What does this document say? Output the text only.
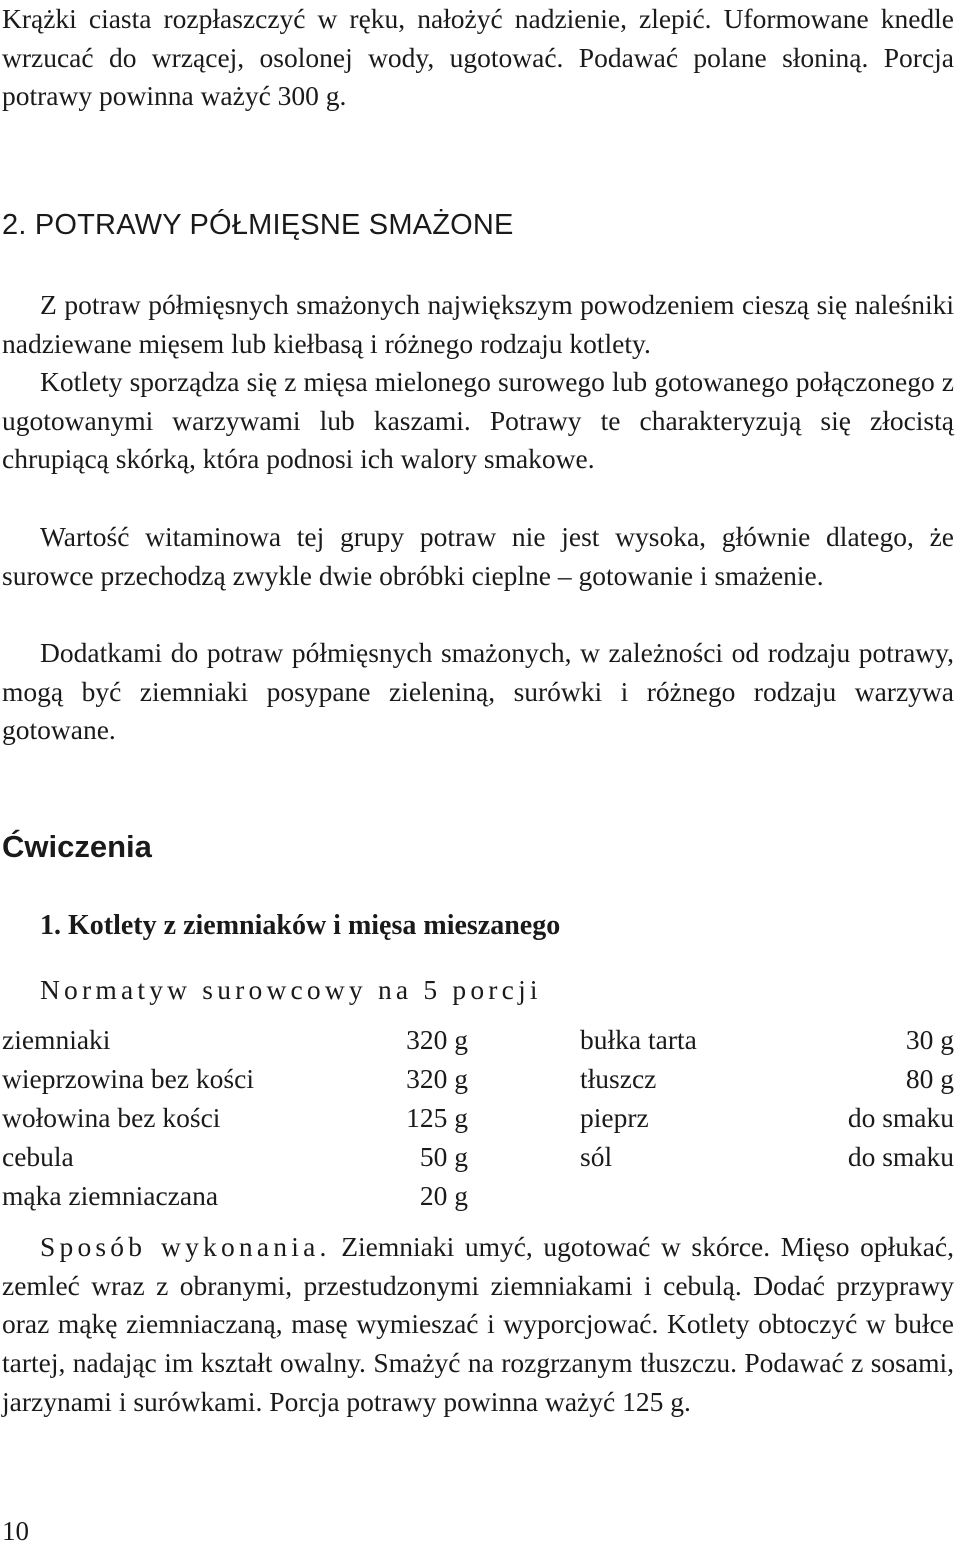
Krążki ciasta rozpłaszczyć w ręku, nałożyć nadzienie, zlepić. Uformowane knedle wrzucać do wrzącej, osolonej wody, ugotować. Podawać polane słoniną. Porcja potrawy powinna ważyć 300 g.

2. POTRAWY PÓŁMIĘSNE SMAŻONE

Z potraw półmięsnych smażonych największym powodzeniem cieszą się naleśniki nadziewane mięsem lub kiełbasą i różnego rodzaju kotlety.

Kotlety sporządza się z mięsa mielonego surowego lub gotowanego połączonego z ugotowanymi warzywami lub kaszami. Potrawy te charakteryzują się złocistą chrupiącą skórką, która podnosi ich walory smakowe.

Wartość witaminowa tej grupy potraw nie jest wysoka, głównie dlatego, że surowce przechodzą zwykle dwie obróbki cieplne – gotowanie i smażenie.

Dodatkami do potraw półmięsnych smażonych, w zależności od rodzaju potrawy, mogą być ziemniaki posypane zieleniną, surówki i różnego rodzaju warzywa gotowane.

Ćwiczenia
1. Kotlety z ziemniaków i mięsa mieszanego

Normatyw surowcowy na 5 porcji

ziemniaki	320 g	bułka tarta	30 g
wieprzowina bez kości	320 g	tłuszcz	80 g
wołowina bez kości	125 g	pieprz	do smaku
cebula	50 g	sól	do smaku
mąka ziemniaczana	20 g

Sposób wykonania. Ziemniaki umyć, ugotować w skórce. Mięso opłukać, zemleć wraz z obranymi, przestudzonymi ziemniakami i cebulą. Dodać przyprawy oraz mąkę ziemniaczaną, masę wymieszać i wyporcjować. Kotlety obtoczyć w bułce tartej, nadając im kształt owalny. Smażyć na rozgrzanym tłuszczu. Podawać z sosami, jarzynami i surówkami. Porcja potrawy powinna ważyć 125 g.

10
